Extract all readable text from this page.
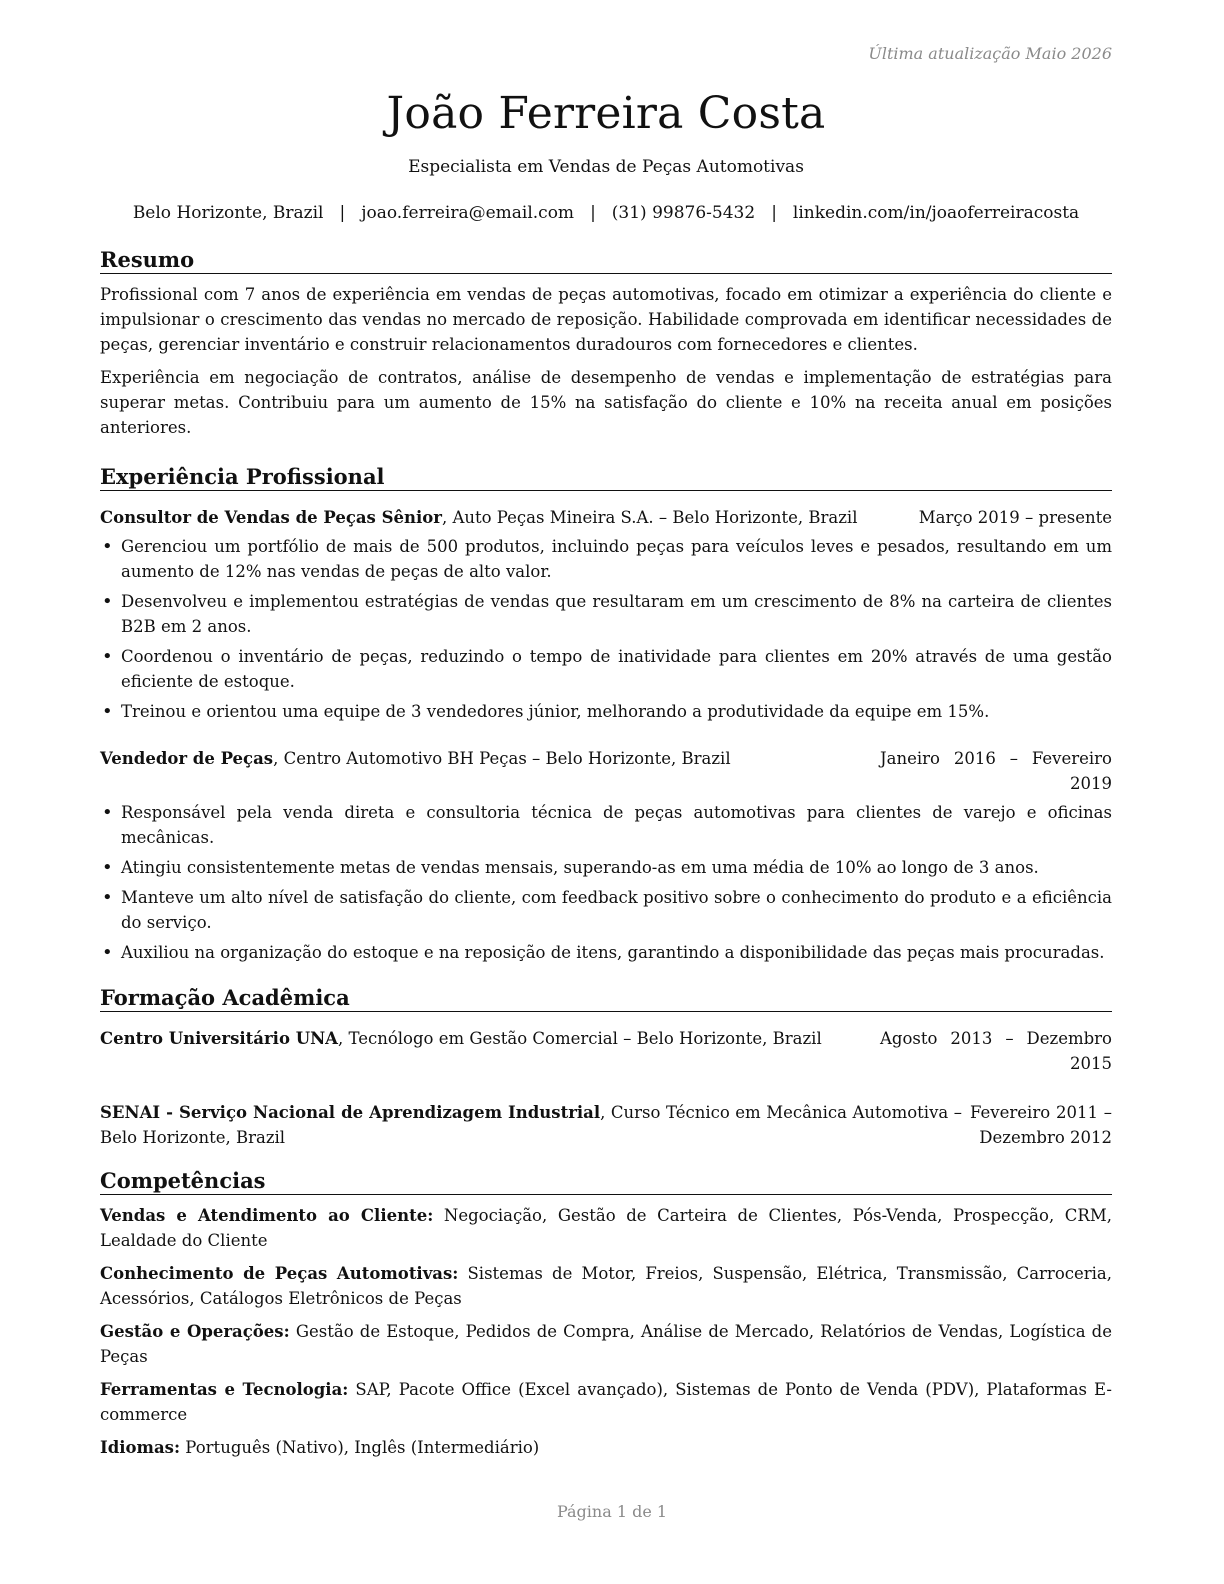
Última atualização Maio 2026
João Ferreira Costa
Especialista em Vendas de Peças Automotivas
Belo Horizonte, Brazil | joao.ferreira@email.com | (31) 99876-5432 | linkedin.com/in/joaoferreiracosta
Resumo

Profissional com 7 anos de experiência em vendas de peças automotivas, focado em otimizar a experiência do cliente e impulsionar o crescimento das vendas no mercado de reposição. Habilidade comprovada em identificar necessidades de peças, gerenciar inventário e construir relacionamentos duradouros com fornecedores e clientes.

Experiência em negociação de contratos, análise de desempenho de vendas e implementação de estratégias para superar metas. Contribuiu para um aumento de 15% na satisfação do cliente e 10% na receita anual em posições anteriores.

Experiência Profissional
Consultor de Vendas de Peças Sênior, Auto Peças Mineira S.A. – Belo Horizonte, Brazil	Março 2019 – presente
• Gerenciou um portfólio de mais de 500 produtos, incluindo peças para veículos leves e pesados, resultando em um aumento de 12% nas vendas de peças de alto valor.
• Desenvolveu e implementou estratégias de vendas que resultaram em um crescimento de 8% na carteira de clientes B2B em 2 anos.
• Coordenou o inventário de peças, reduzindo o tempo de inatividade para clientes em 20% através de uma gestão eficiente de estoque.
• Treinou e orientou uma equipe de 3 vendedores júnior, melhorando a produtividade da equipe em 15%.
Vendedor de Peças, Centro Automotivo BH Peças – Belo Horizonte, Brazil	Janeiro 2016 – Fevereiro 2019
• Responsável pela venda direta e consultoria técnica de peças automotivas para clientes de varejo e oficinas mecânicas.
• Atingiu consistentemente metas de vendas mensais, superando-as em uma média de 10% ao longo de 3 anos.
• Manteve um alto nível de satisfação do cliente, com feedback positivo sobre o conhecimento do produto e a eficiência do serviço.
• Auxiliou na organização do estoque e na reposição de itens, garantindo a disponibilidade das peças mais procuradas.
Formação Acadêmica
Centro Universitário UNA, Tecnólogo em Gestão Comercial – Belo Horizonte, Brazil	Agosto 2013 – Dezembro 2015
SENAI - Serviço Nacional de Aprendizagem Industrial, Curso Técnico em Mecânica Automotiva – Belo Horizonte, Brazil
Fevereiro 2011 – Dezembro 2012
Competências

Vendas e Atendimento ao Cliente: Negociação, Gestão de Carteira de Clientes, Pós-Venda, Prospecção, CRM, Lealdade do Cliente

Conhecimento de Peças Automotivas: Sistemas de Motor, Freios, Suspensão, Elétrica, Transmissão, Carroceria, Acessórios, Catálogos Eletrônicos de Peças

Gestão e Operações: Gestão de Estoque, Pedidos de Compra, Análise de Mercado, Relatórios de Vendas, Logística de Peças

Ferramentas e Tecnologia: SAP, Pacote Office (Excel avançado), Sistemas de Ponto de Venda (PDV), Plataformas E-commerce

Idiomas: Português (Nativo), Inglês (Intermediário)

Página 1 de 1
